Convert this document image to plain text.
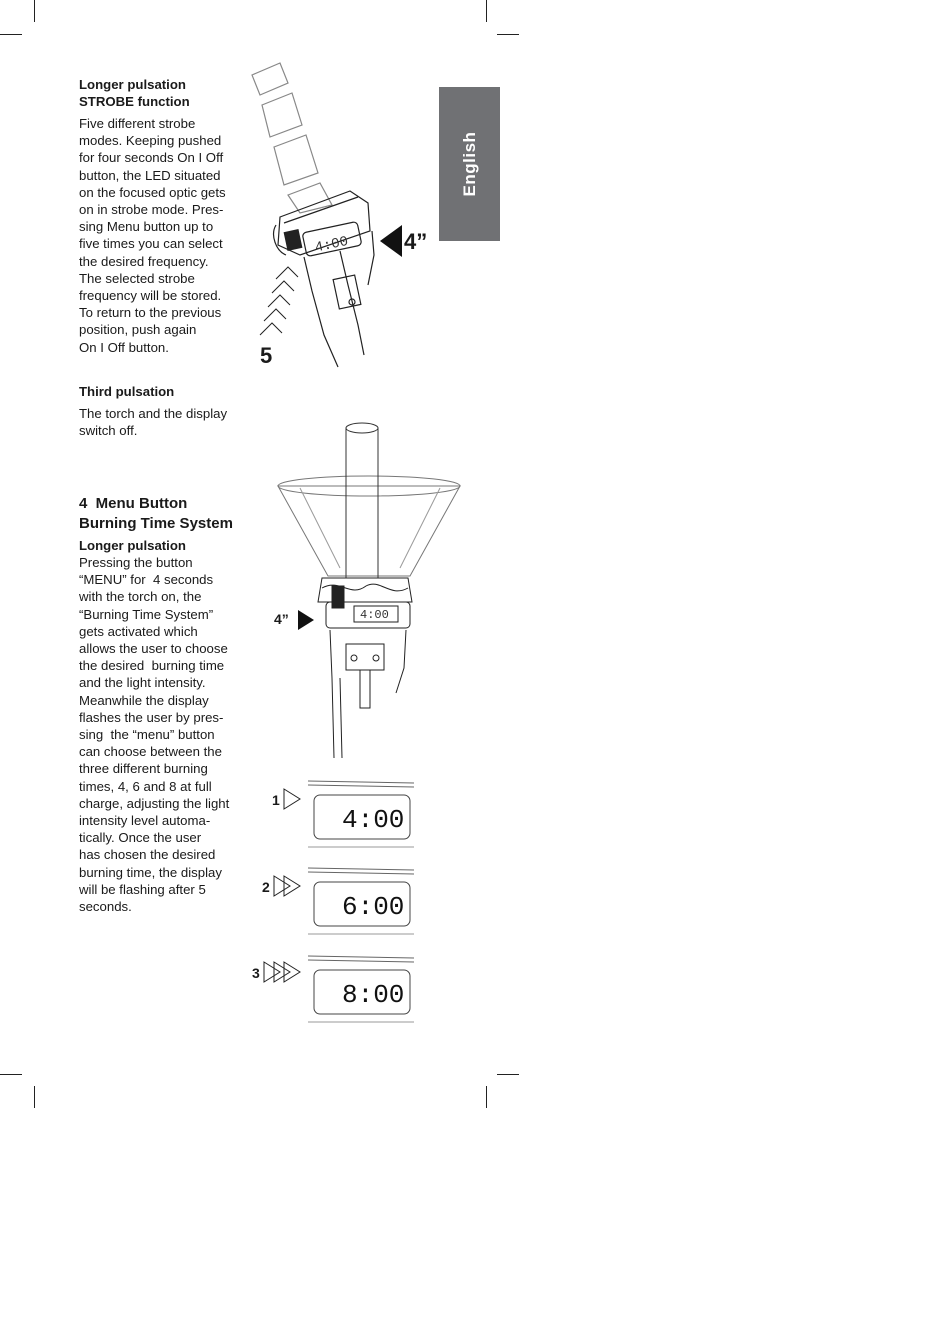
English
Longer pulsation
STROBE function
Five different strobe
modes. Keeping pushed
for four seconds On I Off
button, the LED situated
on the focused optic gets
on in strobe mode. Pres-
sing Menu button up to
five times you can select
the desired frequency.
The selected strobe
frequency will be stored.
To return to the previous
position, push again
On I Off button.
Third pulsation
The torch and the display
switch off.
4  Menu Button
Burning Time System
Longer pulsation
Pressing the button
“MENU” for  4 seconds
with the torch on, the
“Burning Time System”
gets activated which
allows the user to choose
the desired  burning time
and the light intensity.
Meanwhile the display
flashes the user by pres-
sing  the “menu” button
can choose between the
three different burning
times, 4, 6 and 8 at full
charge, adjusting the light
intensity level automa-
tically. Once the user
has chosen the desired
burning time, the display
will be flashing after 5
seconds.
4:00 4”
5
4:00
4”
1
4:00
2
6:00
3
8:00
